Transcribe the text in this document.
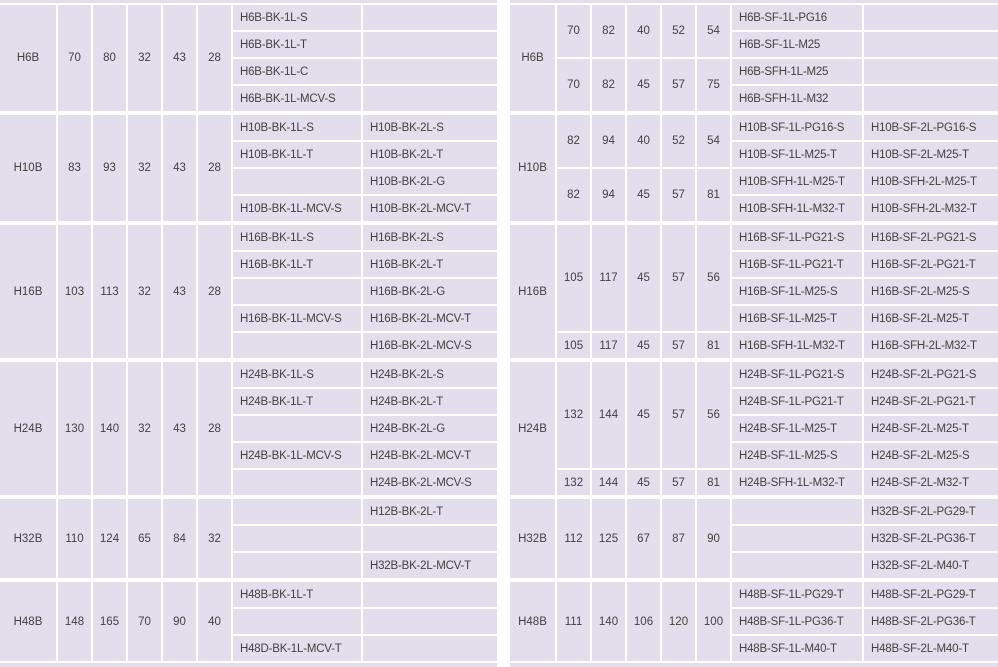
H6B	70	80	32	43	28	H6B-BK-1L-S	
						H6B-BK-1L-T	
						H6B-BK-1L-C	
						H6B-BK-1L-MCV-S	
H10B	83	93	32	43	28	H10B-BK-1L-S	H10B-BK-2L-S
						H10B-BK-1L-T	H10B-BK-2L-T
							H10B-BK-2L-G
						H10B-BK-1L-MCV-S	H10B-BK-2L-MCV-T
H16B	103	113	32	43	28	H16B-BK-1L-S	H16B-BK-2L-S
						H16B-BK-1L-T	H16B-BK-2L-T
							H16B-BK-2L-G
						H16B-BK-1L-MCV-S	H16B-BK-2L-MCV-T
							H16B-BK-2L-MCV-S
H24B	130	140	32	43	28	H24B-BK-1L-S	H24B-BK-2L-S
						H24B-BK-1L-T	H24B-BK-2L-T
							H24B-BK-2L-G
						H24B-BK-1L-MCV-S	H24B-BK-2L-MCV-T
							H24B-BK-2L-MCV-S
H32B	110	124	65	84	32		H12B-BK-2L-T

							H32B-BK-2L-MCV-T
H48B	148	165	70	90	40	H48B-BK-1L-T	

						H48D-BK-1L-MCV-T	
H6B	70	82	40	52	54	H6B-SF-1L-PG16	
						H6B-SF-1L-M25	
	70	82	45	57	75	H6B-SFH-1L-M25	
						H6B-SFH-1L-M32	
H10B	82	94	40	52	54	H10B-SF-1L-PG16-S	H10B-SF-2L-PG16-S
						H10B-SF-1L-M25-T	H10B-SF-2L-M25-T
	82	94	45	57	81	H10B-SFH-1L-M25-T	H10B-SFH-2L-M25-T
						H10B-SFH-1L-M32-T	H10B-SFH-2L-M32-T
H16B	105	117	45	57	56	H16B-SF-1L-PG21-S	H16B-SF-2L-PG21-S
						H16B-SF-1L-PG21-T	H16B-SF-2L-PG21-T
						H16B-SF-1L-M25-S	H16B-SF-2L-M25-S
						H16B-SF-1L-M25-T	H16B-SF-2L-M25-T
	105	117	45	57	81	H16B-SFH-1L-M32-T	H16B-SFH-2L-M32-T
H24B	132	144	45	57	56	H24B-SF-1L-PG21-S	H24B-SF-2L-PG21-S
						H24B-SF-1L-PG21-T	H24B-SF-2L-PG21-T
						H24B-SF-1L-M25-T	H24B-SF-2L-M25-T
						H24B-SF-1L-M25-S	H24B-SF-2L-M25-S
	132	144	45	57	81	H24B-SFH-1L-M32-T	H24B-SF-2L-M32-T
H32B	112	125	67	87	90		H32B-SF-2L-PG29-T
							H32B-SF-2L-PG36-T
							H32B-SF-2L-M40-T
H48B	111	140	106	120	100	H48B-SF-1L-PG29-T	H48B-SF-2L-PG29-T
						H48B-SF-1L-PG36-T	H48B-SF-2L-PG36-T
						H48B-SF-1L-M40-T	H48B-SF-2L-M40-T
